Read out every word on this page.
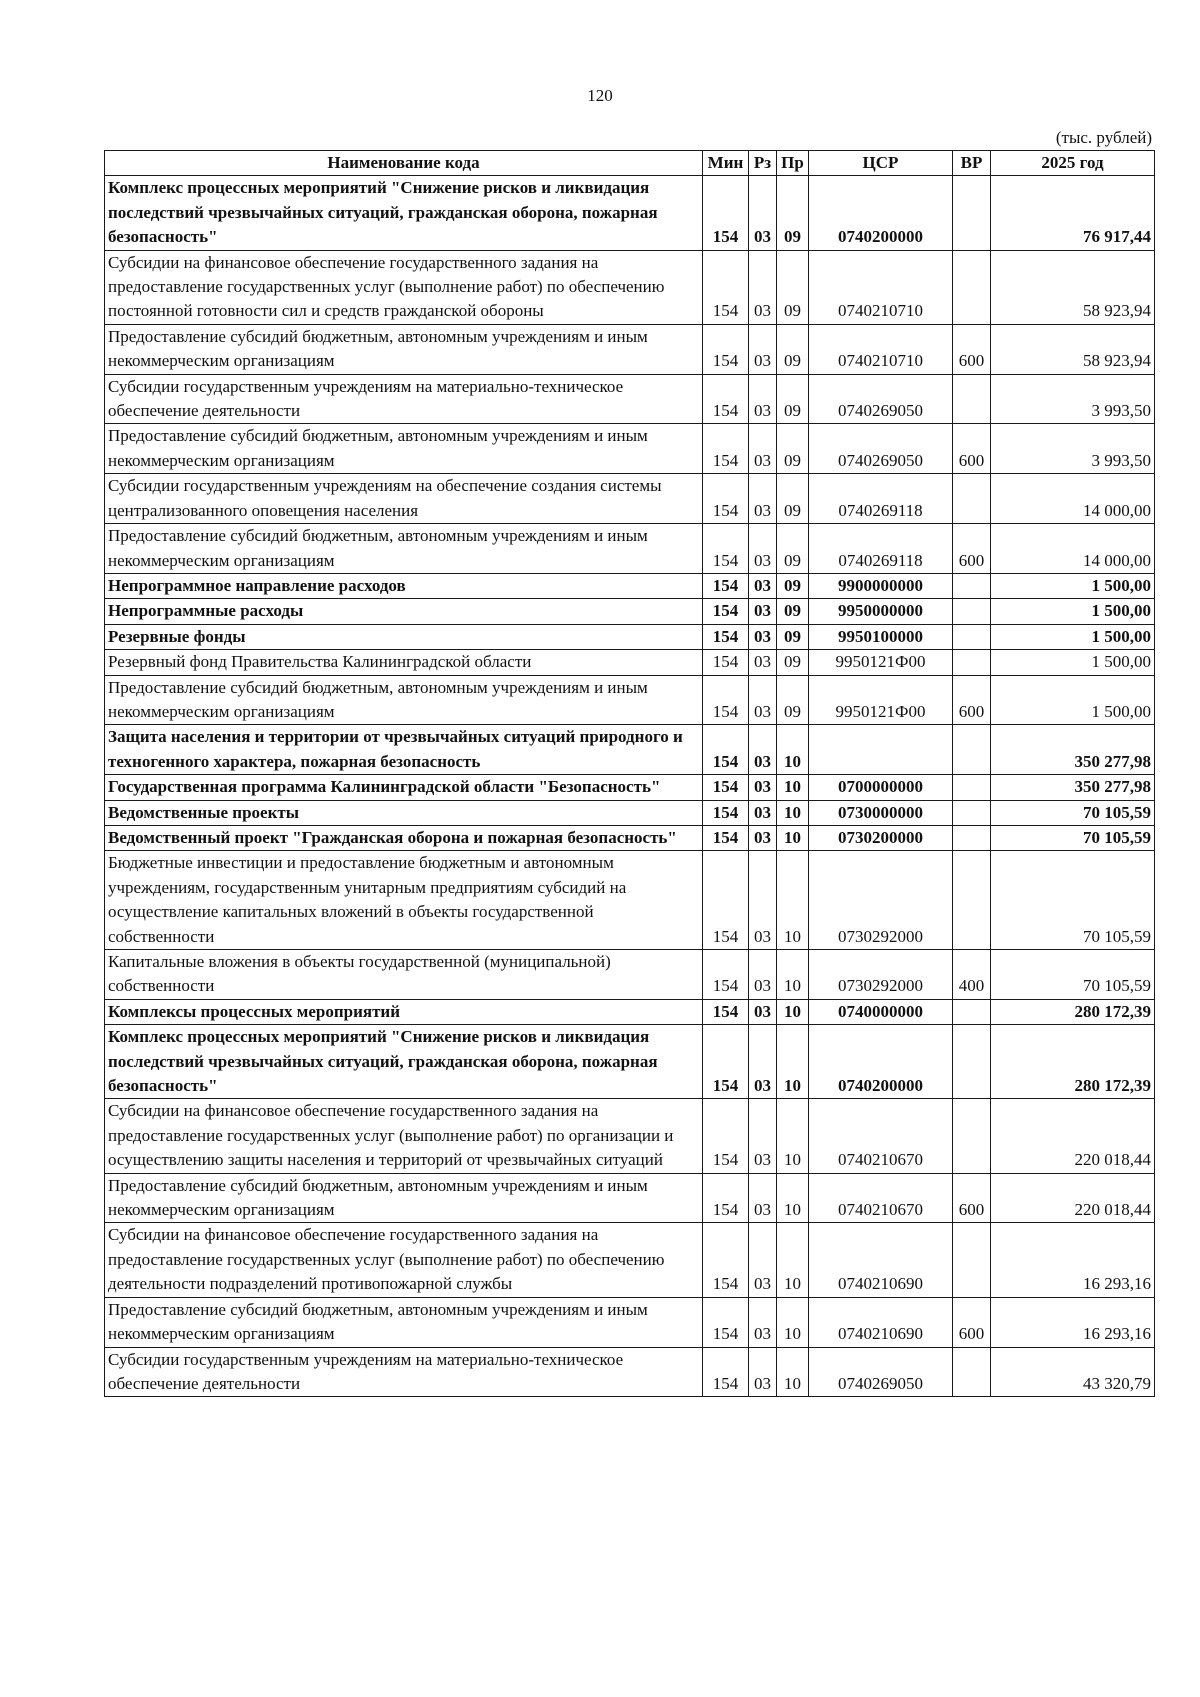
120
(тыс. рублей)
Наименование кода	Мин	Рз	Пр	ЦСР	ВР	2025 год
Комплекс процессных мероприятий "Снижение рисков и ликвидация последствий чрезвычайных ситуаций, гражданская оборона, пожарная безопасность"	154	03	09	0740200000		76 917,44
Субсидии на финансовое обеспечение государственного задания на предоставление государственных услуг (выполнение работ) по обеспечению постоянной готовности сил и средств гражданской обороны	154	03	09	0740210710		58 923,94
Предоставление субсидий бюджетным, автономным учреждениям и иным некоммерческим организациям	154	03	09	0740210710	600	58 923,94
Субсидии государственным учреждениям на материально-техническое обеспечение деятельности	154	03	09	0740269050		3 993,50
Предоставление субсидий бюджетным, автономным учреждениям и иным некоммерческим организациям	154	03	09	0740269050	600	3 993,50
Субсидии государственным учреждениям на обеспечение создания системы централизованного оповещения населения	154	03	09	0740269118		14 000,00
Предоставление субсидий бюджетным, автономным учреждениям и иным некоммерческим организациям	154	03	09	0740269118	600	14 000,00
Непрограммное направление расходов	154	03	09	9900000000		1 500,00
Непрограммные расходы	154	03	09	9950000000		1 500,00
Резервные фонды	154	03	09	9950100000		1 500,00
Резервный фонд Правительства Калининградской области	154	03	09	9950121Ф00		1 500,00
Предоставление субсидий бюджетным, автономным учреждениям и иным некоммерческим организациям	154	03	09	9950121Ф00	600	1 500,00
Защита населения и территории от чрезвычайных ситуаций природного и техногенного характера, пожарная безопасность	154	03	10			350 277,98
Государственная программа Калининградской области "Безопасность"	154	03	10	0700000000		350 277,98
Ведомственные проекты	154	03	10	0730000000		70 105,59
Ведомственный проект "Гражданская оборона и пожарная безопасность"	154	03	10	0730200000		70 105,59
Бюджетные инвестиции и предоставление бюджетным и автономным учреждениям, государственным унитарным предприятиям субсидий на осуществление капитальных вложений в объекты государственной собственности	154	03	10	0730292000		70 105,59
Капитальные вложения в объекты государственной (муниципальной) собственности	154	03	10	0730292000	400	70 105,59
Комплексы процессных мероприятий	154	03	10	0740000000		280 172,39
Комплекс процессных мероприятий "Снижение рисков и ликвидация последствий чрезвычайных ситуаций, гражданская оборона, пожарная безопасность"	154	03	10	0740200000		280 172,39
Субсидии на финансовое обеспечение государственного задания на предоставление государственных услуг (выполнение работ) по организации и осуществлению защиты населения и территорий от чрезвычайных ситуаций	154	03	10	0740210670		220 018,44
Предоставление субсидий бюджетным, автономным учреждениям и иным некоммерческим организациям	154	03	10	0740210670	600	220 018,44
Субсидии на финансовое обеспечение государственного задания на предоставление государственных услуг (выполнение работ) по обеспечению деятельности подразделений противопожарной службы	154	03	10	0740210690		16 293,16
Предоставление субсидий бюджетным, автономным учреждениям и иным некоммерческим организациям	154	03	10	0740210690	600	16 293,16
Субсидии государственным учреждениям на материально-техническое обеспечение деятельности	154	03	10	0740269050		43 320,79
